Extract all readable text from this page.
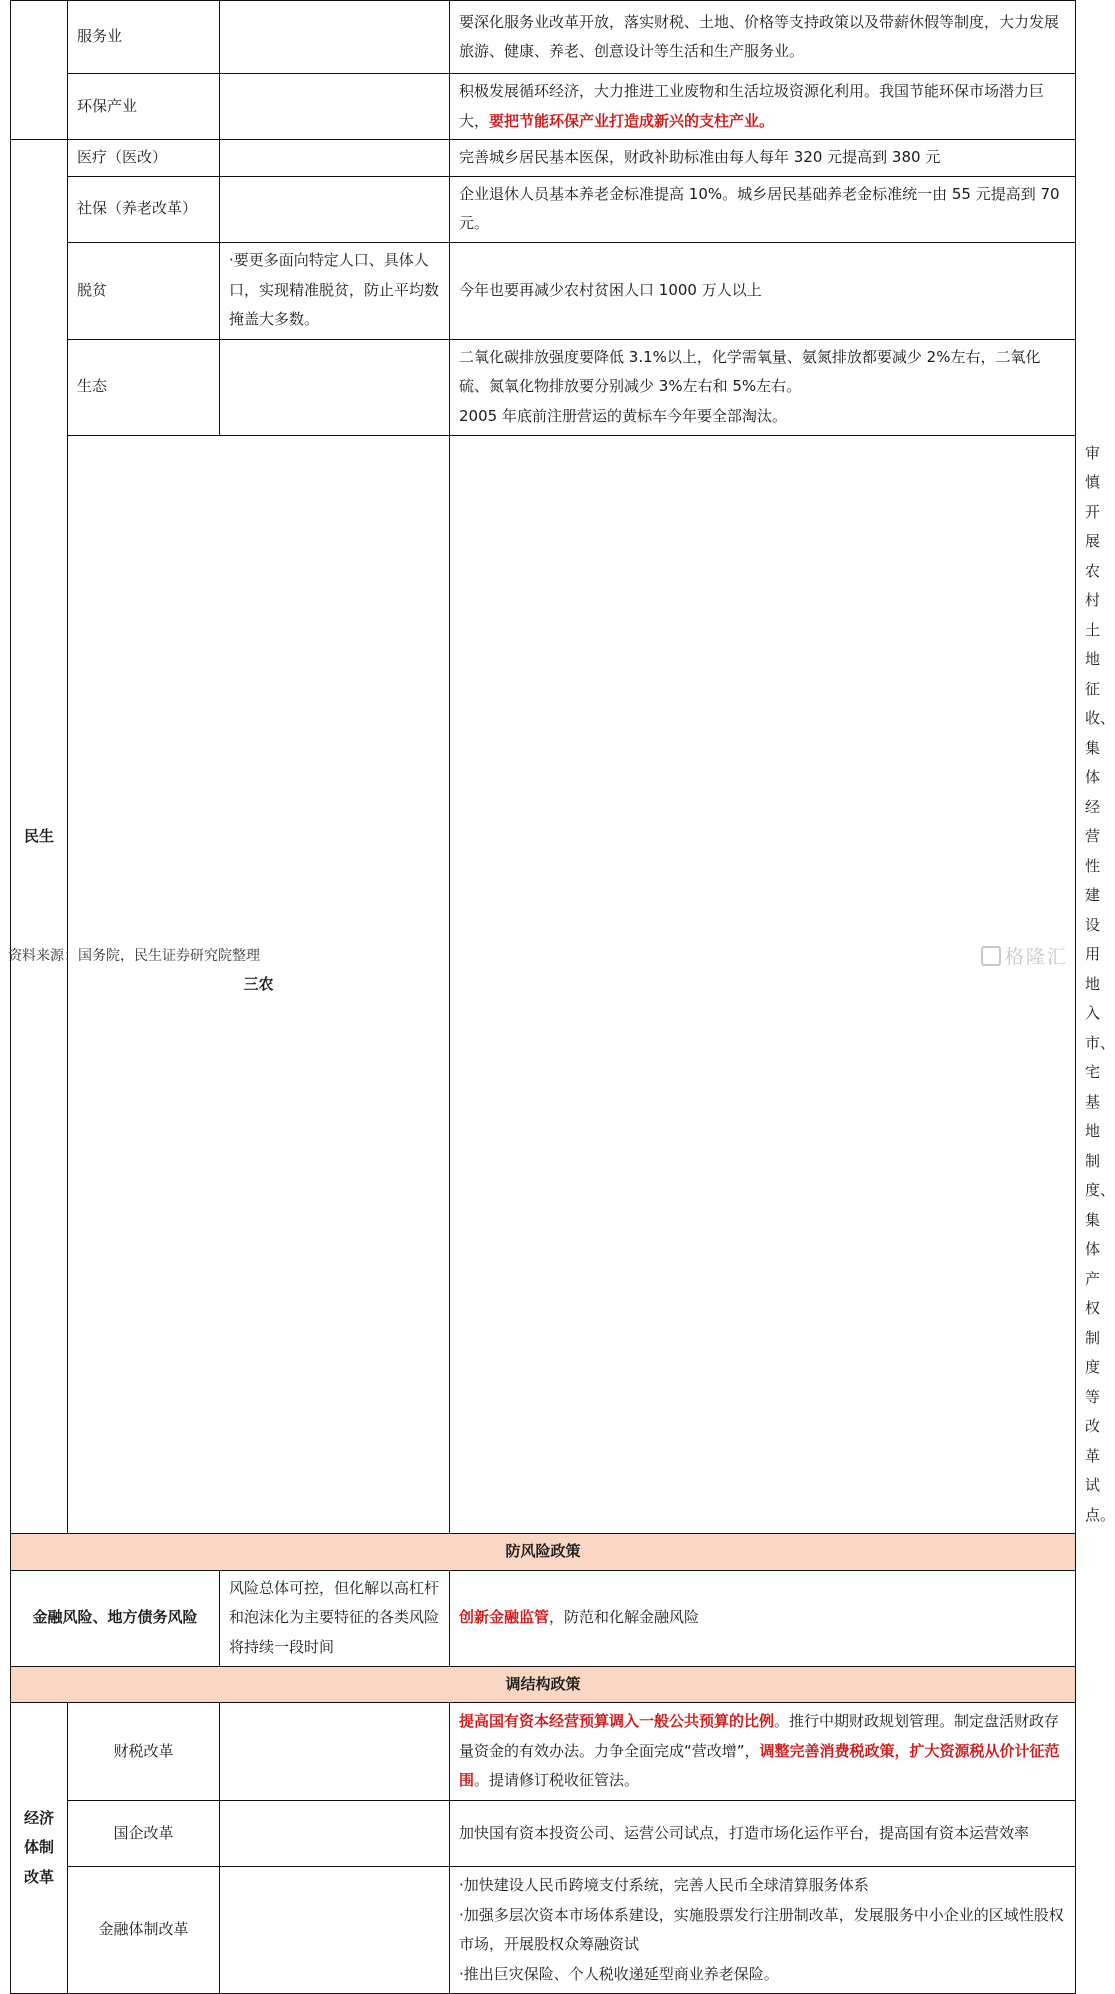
	服务业		要深化服务业改革开放，落实财税、土地、价格等支持政策以及带薪休假等制度，大力发展旅游、健康、养老、创意设计等生活和生产服务业。	
	环保产业		积极发展循环经济，大力推进工业废物和生活垃圾资源化利用。我国节能环保市场潜力巨大，要把节能环保产业打造成新兴的支柱产业。	
民生	医疗（医改）		完善城乡居民基本医保，财政补助标准由每人每年 320 元提高到 380 元	
	社保（养老改革）		企业退休人员基本养老金标准提高 10%。城乡居民基础养老金标准统一由 55 元提高到 70 元。	
	脱贫	·要更多面向特定人口、具体人口，实现精准脱贫，防止平均数掩盖大多数。	今年也要再减少农村贫困人口 1000 万人以上	
	生态		二氧化碳排放强度要降低 3.1%以上，化学需氧量、氨氮排放都要减少 2%左右，二氧化硫、氮氧化物排放要分别减少 3%左右和 5%左右。
2005 年底前注册营运的黄标车今年要全部淘汰。	

	三农			审慎开展农村土地征收、集体经营性建设用地入市、宅基地制度、集体产权制度等改革试点。
防风险政策				
金融风险、地方债务风险		风险总体可控，但化解以高杠杆和泡沫化为主要特征的各类风险将持续一段时间	创新金融监管，防范和化解金融风险	
调结构政策				
经济体制改革	财税改革		提高国有资本经营预算调入一般公共预算的比例。推行中期财政规划管理。制定盘活财政存量资金的有效办法。力争全面完成“营改增”，调整完善消费税政策，扩大资源税从价计征范围。提请修订税收征管法。	
	国企改革		加快国有资本投资公司、运营公司试点，打造市场化运作平台，提高国有资本运营效率	
	金融体制改革		·加快建设人民币跨境支付系统，完善人民币全球清算服务体系
·加强多层次资本市场体系建设，实施股票发行注册制改革，发展服务中小企业的区域性股权市场，开展股权众筹融资试
·推出巨灾保险、个人税收递延型商业养老保险。	
资料来源：国务院，民生证券研究院整理	格隆汇
